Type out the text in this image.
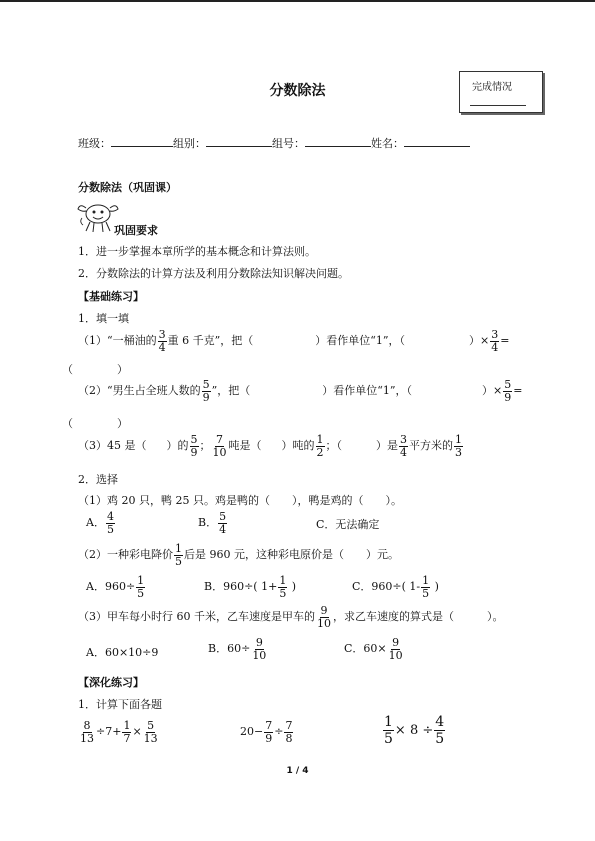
分数除法	完成情况
班级：	组别：	组号：	姓名：
分数除法（巩固课）
巩固要求
1．进一步掌握本章所学的基本概念和计算法则。
2．分数除法的计算方法及利用分数除法知识解决问题。
【基础练习】
1．填一填
（1）“一桶油的 $\frac{3}{4}$ 重 6 千克”，把（	）看作单位“1”，（	）× $\frac{3}{4}$ =
（　　　　）
（2）“男生占全班人数的 $\frac{5}{9}$ ”，把（	）看作单位“1”，（	）× $\frac{5}{9}$ =
（　　　　）
（3）45 是（ ）的 $\frac{5}{9}$ ； $\frac{7}{10}$ 吨是（ ）吨的 $\frac{1}{2}$ ；（	）是 $\frac{3}{4}$ 平方米的 $\frac{1}{3}$
2．选择
（1）鸡 20 只，鸭 25 只。鸡是鸭的（　　），鸭是鸡的（　　）。
A． $\frac{4}{5}$	B． $\frac{5}{4}$	C．无法确定
（2）一种彩电降价 $\frac{1}{5}$ 后是 960 元，这种彩电原价是（　　）元。
A．$960\div \frac{1}{5}$	B．960÷( $1+ \frac{1}{5}$ )	C．960÷( $1- \frac{1}{5}$ )
（3）甲车每小时行 60 千米，乙车速度是甲车的 $\frac{9}{10}$ ，求乙车速度的算式是（　　　）。
A．60×10÷9	B．$60\div \frac{9}{10}$	C．$60\times \frac{9}{10}$
【深化练习】
1．计算下面各题
$\frac{8}{13} \div 7+ \frac{1}{7} \times \frac{5}{13}$	$20- \frac{7}{9} \div \frac{7}{8}$	$\frac{1}{5} \times 8 \div \frac{4}{5}$
1 / 4
